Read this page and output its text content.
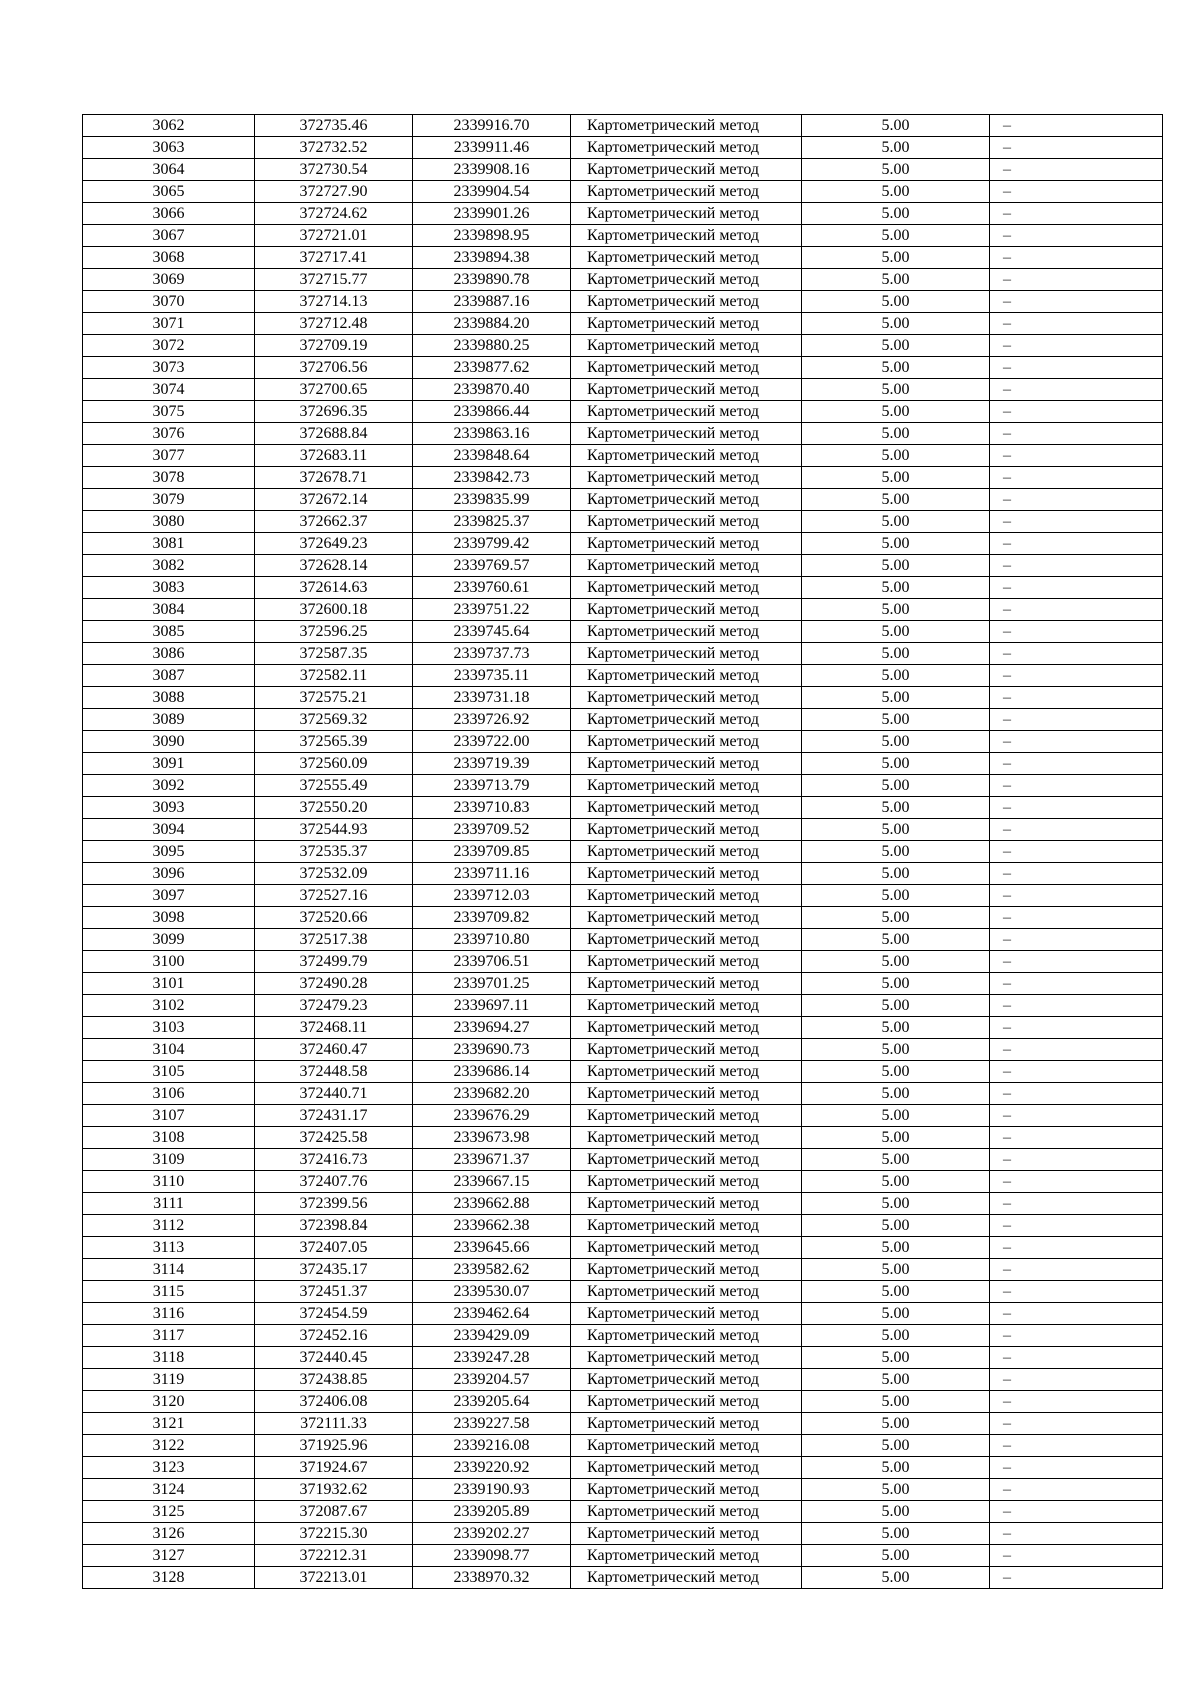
3062	372735.46	2339916.70	Картометрический метод	5.00	–
3063	372732.52	2339911.46	Картометрический метод	5.00	–
3064	372730.54	2339908.16	Картометрический метод	5.00	–
3065	372727.90	2339904.54	Картометрический метод	5.00	–
3066	372724.62	2339901.26	Картометрический метод	5.00	–
3067	372721.01	2339898.95	Картометрический метод	5.00	–
3068	372717.41	2339894.38	Картометрический метод	5.00	–
3069	372715.77	2339890.78	Картометрический метод	5.00	–
3070	372714.13	2339887.16	Картометрический метод	5.00	–
3071	372712.48	2339884.20	Картометрический метод	5.00	–
3072	372709.19	2339880.25	Картометрический метод	5.00	–
3073	372706.56	2339877.62	Картометрический метод	5.00	–
3074	372700.65	2339870.40	Картометрический метод	5.00	–
3075	372696.35	2339866.44	Картометрический метод	5.00	–
3076	372688.84	2339863.16	Картометрический метод	5.00	–
3077	372683.11	2339848.64	Картометрический метод	5.00	–
3078	372678.71	2339842.73	Картометрический метод	5.00	–
3079	372672.14	2339835.99	Картометрический метод	5.00	–
3080	372662.37	2339825.37	Картометрический метод	5.00	–
3081	372649.23	2339799.42	Картометрический метод	5.00	–
3082	372628.14	2339769.57	Картометрический метод	5.00	–
3083	372614.63	2339760.61	Картометрический метод	5.00	–
3084	372600.18	2339751.22	Картометрический метод	5.00	–
3085	372596.25	2339745.64	Картометрический метод	5.00	–
3086	372587.35	2339737.73	Картометрический метод	5.00	–
3087	372582.11	2339735.11	Картометрический метод	5.00	–
3088	372575.21	2339731.18	Картометрический метод	5.00	–
3089	372569.32	2339726.92	Картометрический метод	5.00	–
3090	372565.39	2339722.00	Картометрический метод	5.00	–
3091	372560.09	2339719.39	Картометрический метод	5.00	–
3092	372555.49	2339713.79	Картометрический метод	5.00	–
3093	372550.20	2339710.83	Картометрический метод	5.00	–
3094	372544.93	2339709.52	Картометрический метод	5.00	–
3095	372535.37	2339709.85	Картометрический метод	5.00	–
3096	372532.09	2339711.16	Картометрический метод	5.00	–
3097	372527.16	2339712.03	Картометрический метод	5.00	–
3098	372520.66	2339709.82	Картометрический метод	5.00	–
3099	372517.38	2339710.80	Картометрический метод	5.00	–
3100	372499.79	2339706.51	Картометрический метод	5.00	–
3101	372490.28	2339701.25	Картометрический метод	5.00	–
3102	372479.23	2339697.11	Картометрический метод	5.00	–
3103	372468.11	2339694.27	Картометрический метод	5.00	–
3104	372460.47	2339690.73	Картометрический метод	5.00	–
3105	372448.58	2339686.14	Картометрический метод	5.00	–
3106	372440.71	2339682.20	Картометрический метод	5.00	–
3107	372431.17	2339676.29	Картометрический метод	5.00	–
3108	372425.58	2339673.98	Картометрический метод	5.00	–
3109	372416.73	2339671.37	Картометрический метод	5.00	–
3110	372407.76	2339667.15	Картометрический метод	5.00	–
3111	372399.56	2339662.88	Картометрический метод	5.00	–
3112	372398.84	2339662.38	Картометрический метод	5.00	–
3113	372407.05	2339645.66	Картометрический метод	5.00	–
3114	372435.17	2339582.62	Картометрический метод	5.00	–
3115	372451.37	2339530.07	Картометрический метод	5.00	–
3116	372454.59	2339462.64	Картометрический метод	5.00	–
3117	372452.16	2339429.09	Картометрический метод	5.00	–
3118	372440.45	2339247.28	Картометрический метод	5.00	–
3119	372438.85	2339204.57	Картометрический метод	5.00	–
3120	372406.08	2339205.64	Картометрический метод	5.00	–
3121	372111.33	2339227.58	Картометрический метод	5.00	–
3122	371925.96	2339216.08	Картометрический метод	5.00	–
3123	371924.67	2339220.92	Картометрический метод	5.00	–
3124	371932.62	2339190.93	Картометрический метод	5.00	–
3125	372087.67	2339205.89	Картометрический метод	5.00	–
3126	372215.30	2339202.27	Картометрический метод	5.00	–
3127	372212.31	2339098.77	Картометрический метод	5.00	–
3128	372213.01	2338970.32	Картометрический метод	5.00	–
